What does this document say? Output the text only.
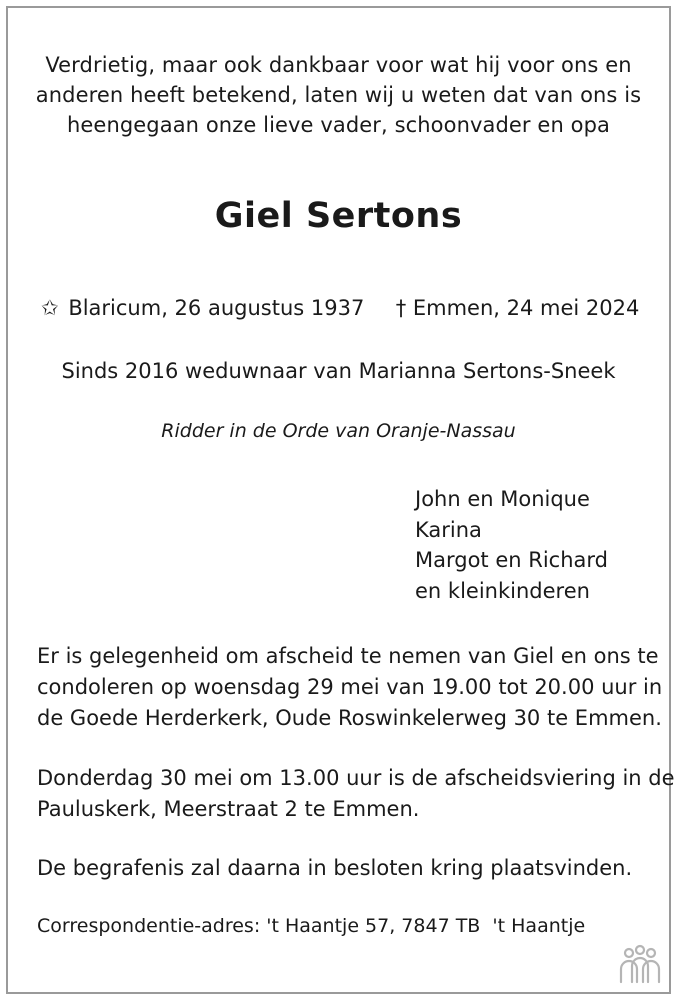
Verdrietig, maar ook dankbaar voor wat hij voor ons en
anderen heeft betekend, laten wij u weten dat van ons is
heengegaan onze lieve vader, schoonvader en opa
Giel Sertons
✩ Blaricum, 26 augustus 1937 † Emmen, 24 mei 2024
Sinds 2016 weduwnaar van Marianna Sertons-Sneek
Ridder in de Orde van Oranje-Nassau
John en Monique
Karina
Margot en Richard
en kleinkinderen
Er is gelegenheid om afscheid te nemen van Giel en ons te
condoleren op woensdag 29 mei van 19.00 tot 20.00 uur in
de Goede Herderkerk, Oude Roswinkelerweg 30 te Emmen.
Donderdag 30 mei om 13.00 uur is de afscheidsviering in de
Pauluskerk, Meerstraat 2 te Emmen.
De begrafenis zal daarna in besloten kring plaatsvinden.
Correspondentie-adres: 't Haantje 57, 7847 TB  't Haantje
